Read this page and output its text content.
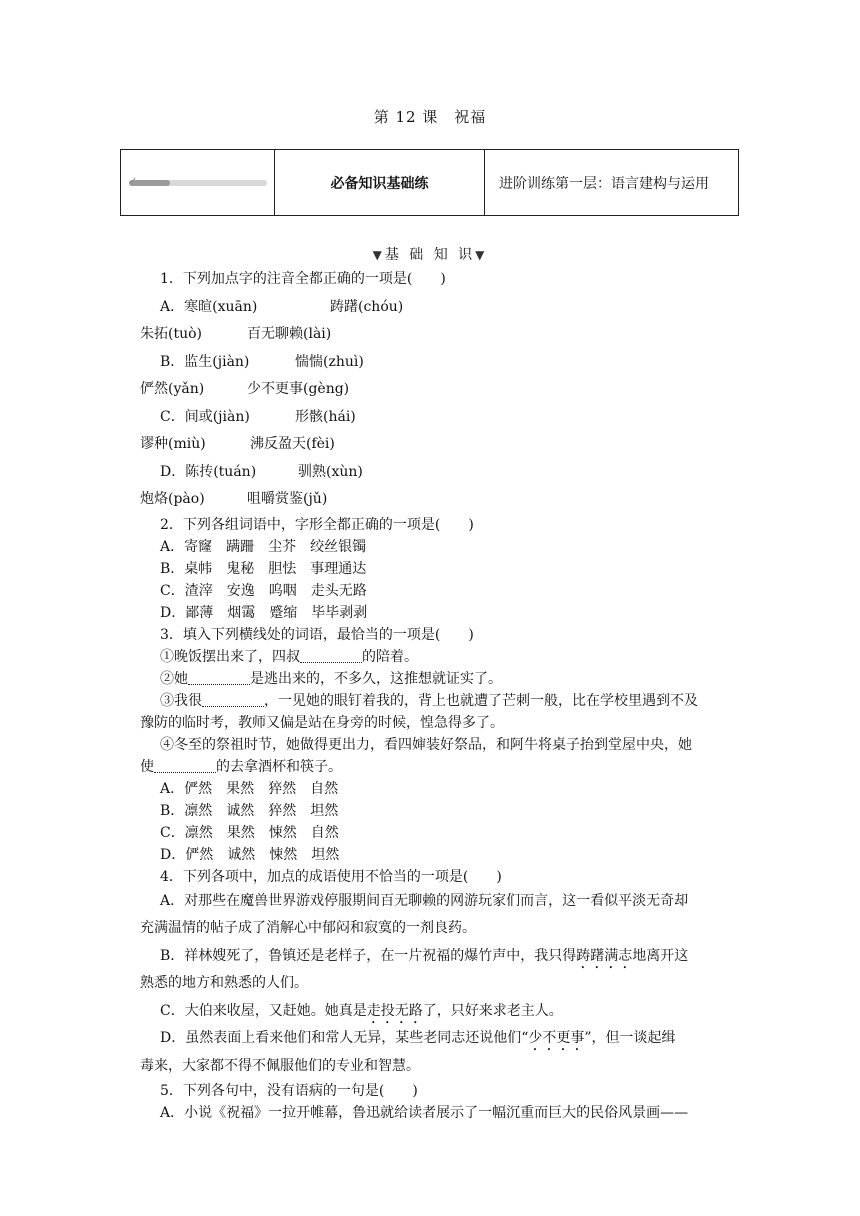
第 12 课　祝福
✓	必备知识基础练	进阶训练第一层：语言建构与运用
▼基 础 知 识▼
1．下列加点字的注音全都正确的一项是(　　)
A．寒暄(xuān)	踌躇(chóu)
朱拓(tuò)	百无聊赖(lài)
B．监生(jiàn)	惴惴(zhuì)
俨然(yǎn)	少不更事(gèng)
C．间或(jiàn)	形骸(hái)
谬种(miù)	沸反盈天(fèi)
D．陈抟(tuán)	驯熟(xùn)
炮烙(pào)	咀嚼赏鉴(jǔ)
2．下列各组词语中，字形全都正确的一项是(　　)
A．寄窿　蹒跚　尘芥　绞丝银镯
B．桌帏　鬼秘　胆怯　事理通达
C．渣滓　安逸　呜咽　走头无路
D．鄙薄　烟霭　蹙缩　毕毕剥剥
3．填入下列横线处的词语，最恰当的一项是(　　)
①晚饭摆出来了，四叔	的陪着。
②她	是逃出来的，不多久，这推想就证实了。
③我很	，一见她的眼钉着我的，背上也就遭了芒刺一般，比在学校里遇到不及
豫防的临时考，教师又偏是站在身旁的时候，惶急得多了。
④冬至的祭祖时节，她做得更出力，看四婶装好祭品，和阿牛将桌子抬到堂屋中央，她
使	的去拿酒杯和筷子。
A．俨然　果然　猝然　自然
B．凛然　诚然　猝然　坦然
C．凛然　果然　悚然　自然
D．俨然　诚然　悚然　坦然
4．下列各项中，加点的成语使用不恰当的一项是(　　)
A．对那些在魔兽世界游戏停服期间百无聊赖的网游玩家们而言，这一看似平淡无奇却
充满温情的帖子成了消解心中郁闷和寂寞的一剂良药。
B．祥林嫂死了，鲁镇还是老样子，在一片祝福的爆竹声中，我只得踌躇满志地离开这
熟悉的地方和熟悉的人们。
C．大伯来收屋，又赶她。她真是走投无路了，只好来求老主人。
D．虽然表面上看来他们和常人无异，某些老同志还说他们“少不更事”，但一谈起缉
毒来，大家都不得不佩服他们的专业和智慧。
5．下列各句中，没有语病的一句是(　　)
A．小说《祝福》一拉开帷幕，鲁迅就给读者展示了一幅沉重而巨大的民俗风景画——
